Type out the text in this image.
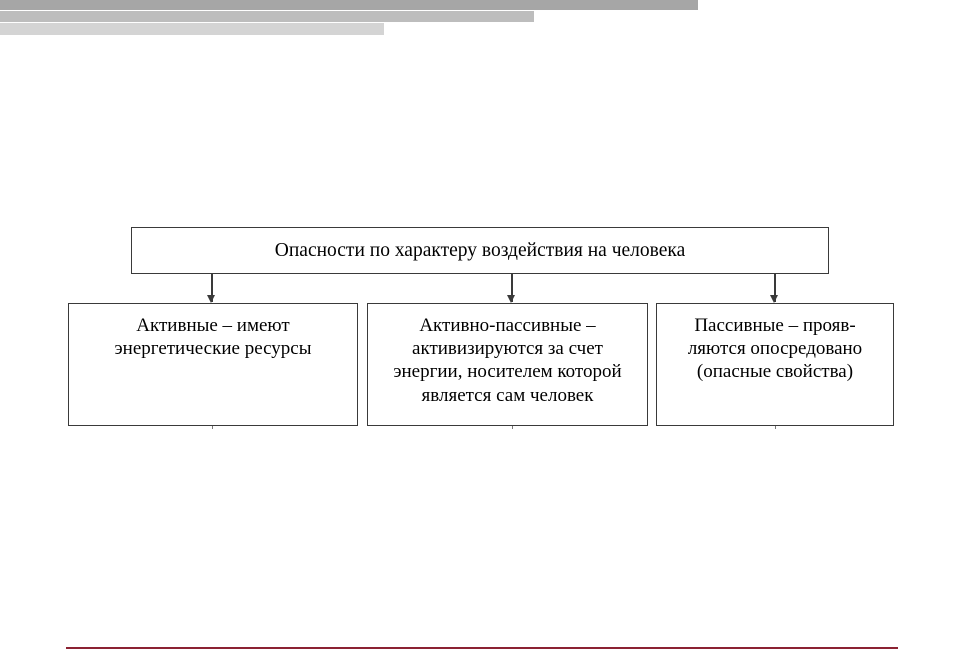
Опасности по характеру воздействия на человека
Активные – имеют
энергетические ресурсы
Активно-пассивные –
активизируются за счет
энергии, носителем которой
является сам человек
Пассивные – прояв-
ляются опосредовано
(опасные свойства)
